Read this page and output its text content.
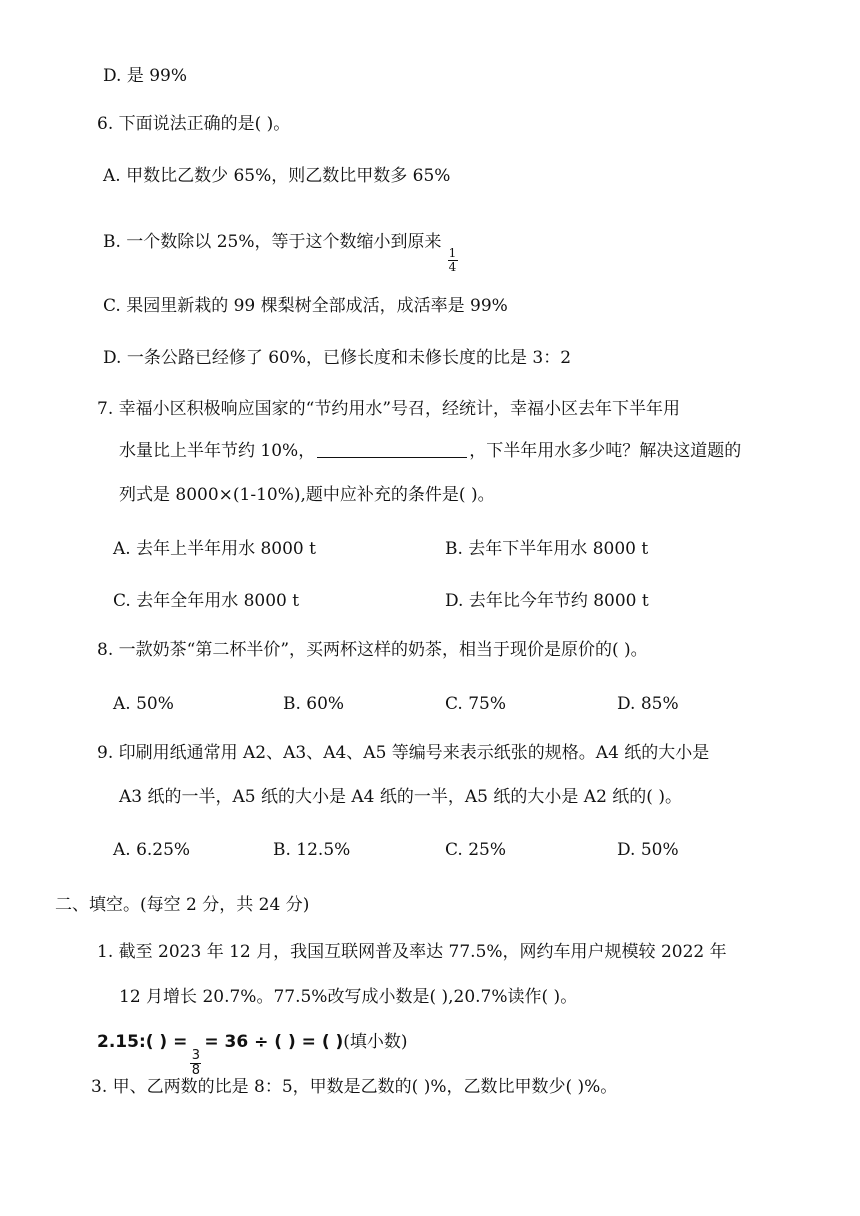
D. 是 99%
6. 下面说法正确的是( )。
A. 甲数比乙数少 65%，则乙数比甲数多 65%
B. 一个数除以 25%，等于这个数缩小到原来
$\frac{1}{4}$
C. 果园里新栽的 99 棵梨树全部成活，成活率是 99%
D. 一条公路已经修了 60%，已修长度和未修长度的比是 3：2
7. 幸福小区积极响应国家的“节约用水”号召，经统计，幸福小区去年下半年用
水量比上半年节约 10%，	，下半年用水多少吨？解决这道题的
列式是 8000×(1-10%),题中应补充的条件是( )。
A. 去年上半年用水 8000 t	B. 去年下半年用水 8000 t
C. 去年全年用水 8000 t	D. 去年比今年节约 8000 t
8. 一款奶茶“第二杯半价”，买两杯这样的奶茶，相当于现价是原价的( )。
A. 50%	B. 60%	C. 75%	D. 85%
9. 印刷用纸通常用 A2、A3、A4、A5 等编号来表示纸张的规格。A4 纸的大小是
A3 纸的一半，A5 纸的大小是 A4 纸的一半，A5 纸的大小是 A2 纸的( )。
A. 6.25%	B. 12.5%	C. 25%	D. 50%
二、填空。(每空 2 分，共 24 分)
1. 截至 2023 年 12 月，我国互联网普及率达 77.5%，网约车用户规模较 2022 年
12 月增长 20.7%。77.5%改写成小数是( ),20.7%读作( )。
2.15:( ) =
$\frac{3}{8}$
= 36 ÷ ( ) = ( )(填小数)
3. 甲、乙两数的比是 8：5，甲数是乙数的( )%，乙数比甲数少( )%。
